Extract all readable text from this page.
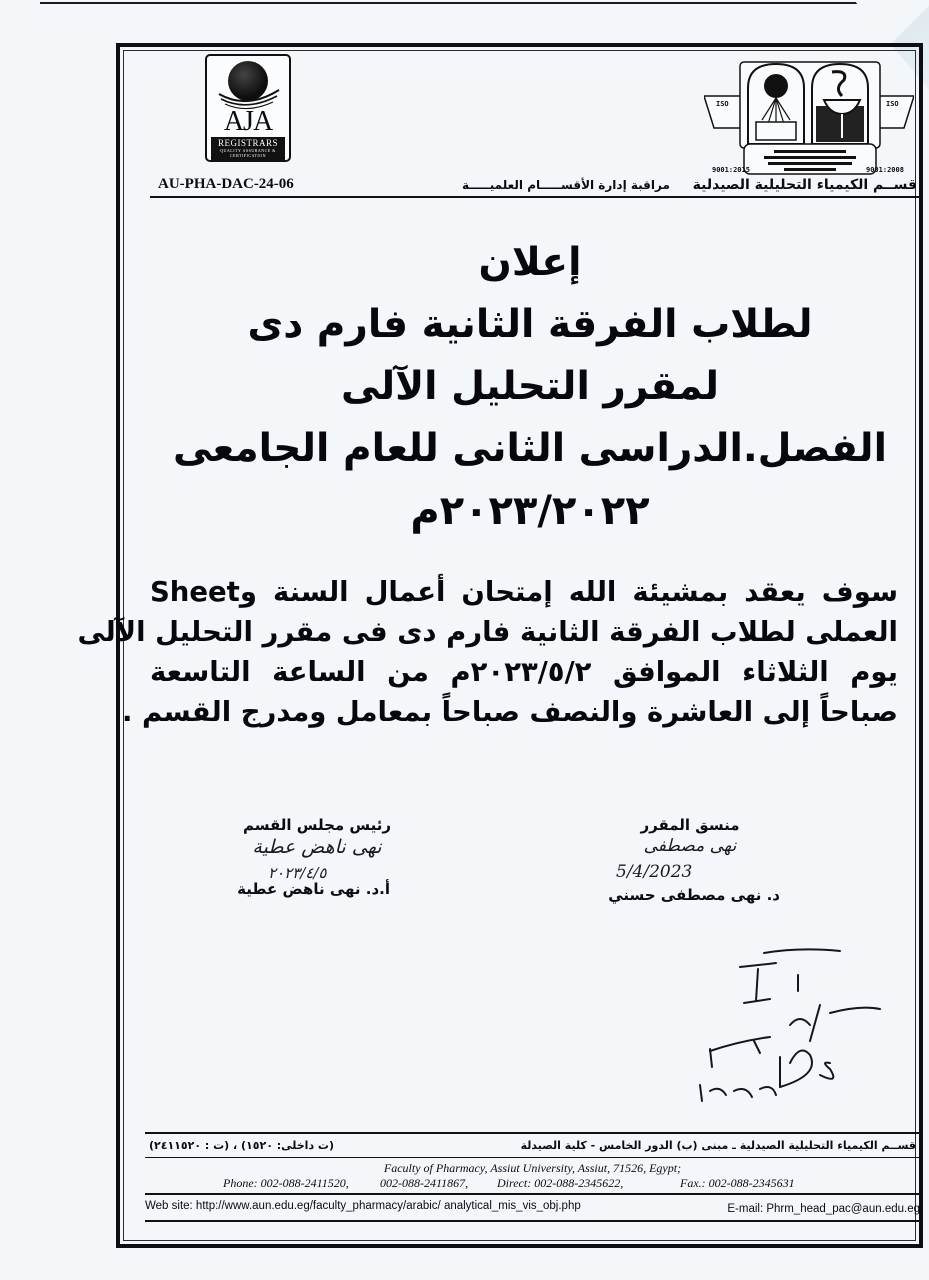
AJA
REGISTRARS
QUALITY ASSURANCE & CERTIFICATION
ISO	ISO
9001:2015	9001:2008
AU-PHA-DAC-24-06	مراقبة إدارة الأقســـــام العلميـــــة قســم الكيمياء التحليلية الصيدلية
إعلان
لطلاب الفرقة الثانية فارم دى
لمقرر التحليل الآلى
الفصل.الدراسى الثانى للعام الجامعى
٢٠٢٣/٢٠٢٢م
سوف يعقد بمشيئة الله إمتحان أعمال السنة وSheet
العملى لطلاب الفرقة الثانية فارم دى فى مقرر التحليل الآلى
يوم الثلاثاء الموافق ٢٠٢٣/٥/٢م من الساعة التاسعة
صباحاً إلى العاشرة والنصف صباحاً بمعامل ومدرج القسم .
منسق المقرر
نهى مصطفى
5/4/2023
د. نهى مصطفى حسني
رئيس مجلس القسم
نهى ناهض عطية
٢٠٢٣/٤/٥
أ.د. نهى ناهض عطية
قســم الكيمياء التحليلية الصيدلية ـ مبنى (ب) الدور الخامس - كلية الصيدلة
(ت داخلى: ١٥٢٠) ، (ت : ٢٤١١٥٢٠)
Faculty of Pharmacy, Assiut University, Assiut, 71526, Egypt;
Phone: 002-088-2411520,	002-088-2411867, Direct: 002-088-2345622,	Fax.: 002-088-2345631
Web site: http://www.aun.edu.eg/faculty_pharmacy/arabic/ analytical_mis_vis_obj.php	E-mail: Phrm_head_pac@aun.edu.eg
